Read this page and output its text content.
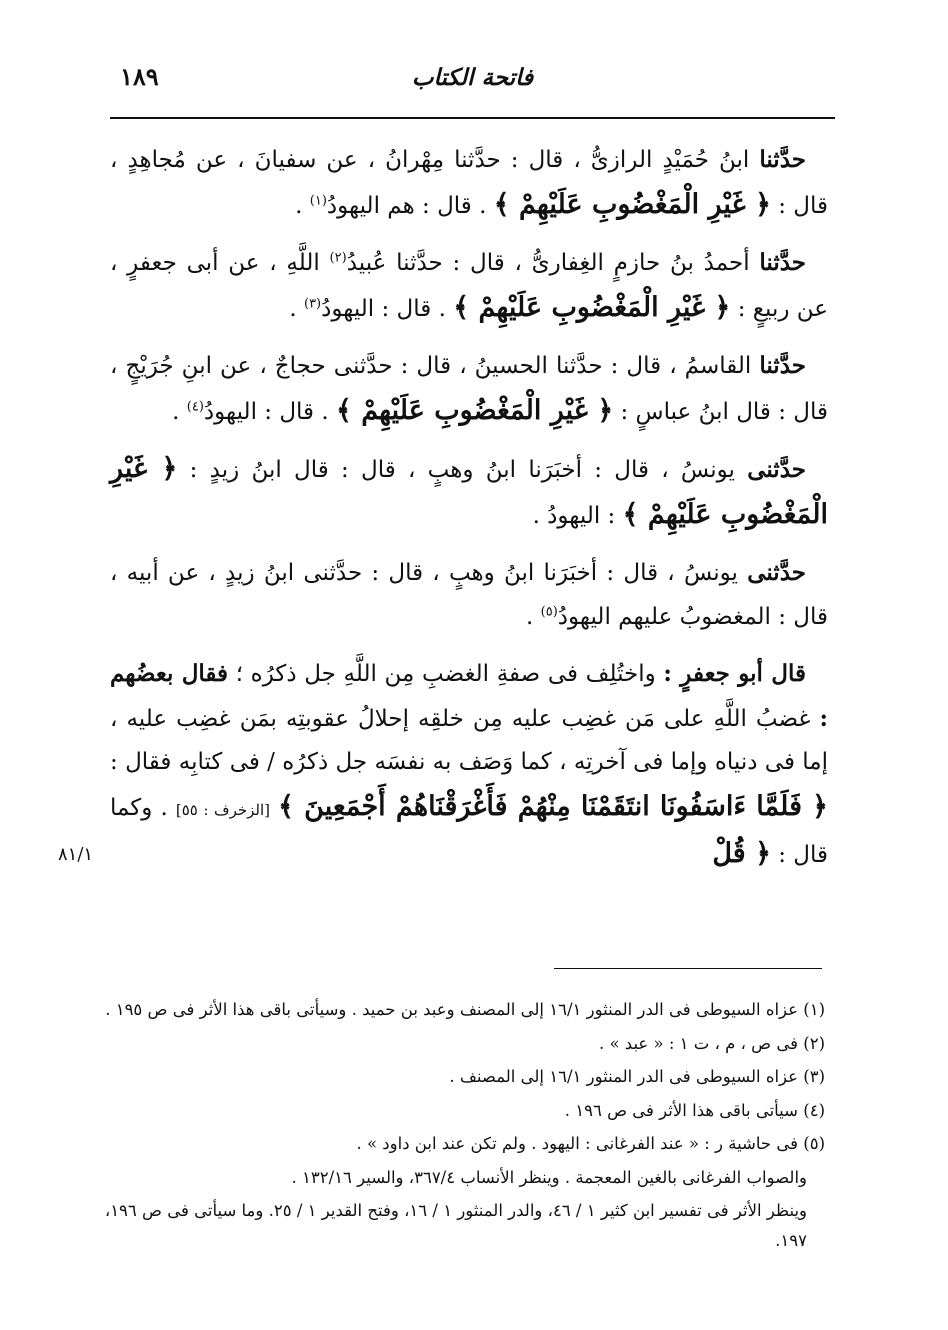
فاتحة الكتاب
١٨٩
٨١/١

حدَّثنا ابنُ حُمَيْدٍ الرازىُّ ، قال : حدَّثنا مِهْرانُ ، عن سفيانَ ، عن مُجاهِدٍ ، قال : ﴿ غَيْرِ الْمَغْضُوبِ عَلَيْهِمْ ﴾ . قال : هم اليهودُ$^{(١)}$ .

حدَّثنا أحمدُ بنُ حازمٍ الغِفارىُّ ، قال : حدَّثنا عُبيدُ$^{(٢)}$ اللَّهِ ، عن أبى جعفرٍ ، عن ربيعٍ : ﴿ غَيْرِ الْمَغْضُوبِ عَلَيْهِمْ ﴾ . قال : اليهودُ$^{(٣)}$ .

حدَّثنا القاسمُ ، قال : حدَّثنا الحسينُ ، قال : حدَّثنى حجاجٌ ، عن ابنِ جُرَيْجٍ ، قال : قال ابنُ عباسٍ : ﴿ غَيْرِ الْمَغْضُوبِ عَلَيْهِمْ ﴾ . قال : اليهودُ$^{(٤)}$ .

حدَّثنى يونسُ ، قال : أخبَرَنا ابنُ وهبٍ ، قال : قال ابنُ زيدٍ : ﴿ غَيْرِ الْمَغْضُوبِ عَلَيْهِمْ ﴾ : اليهودُ .

حدَّثنى يونسُ ، قال : أخبَرَنا ابنُ وهبٍ ، قال : حدَّثنى ابنُ زيدٍ ، عن أبيه ، قال : المغضوبُ عليهم اليهودُ$^{(٥)}$ .

قال أبو جعفرٍ : واختُلِف فى صفةِ الغضبِ مِن اللَّهِ جل ذكرُه ؛ فقال بعضُهم : غضبُ اللَّهِ على مَن غضِب عليه مِن خلقِه إحلالُ عقوبتِه بمَن غضِب عليه ، إما فى دنياه وإما فى آخرتِه ، كما وَصَف به نفسَه جل ذكرُه / فى كتابِه فقال : ﴿ فَلَمَّا ءَاسَفُونَا انتَقَمْنَا مِنْهُمْ فَأَغْرَقْنَاهُمْ أَجْمَعِينَ ﴾ [الزخرف : ٥٥] . وكما قال : ﴿ قُلْ

(١) عزاه السيوطى فى الدر المنثور ١٦/١ إلى المصنف وعبد بن حميد . وسيأتى باقى هذا الأثر فى ص ١٩٥ .

(٢) فى ص ، م ، ت ١ : « عبد » .

(٣) عزاه السيوطى فى الدر المنثور ١٦/١ إلى المصنف .

(٤) سيأتى باقى هذا الأثر فى ص ١٩٦ .

(٥) فى حاشية ر : « عند الفرغانى : اليهود . ولم تكن عند ابن داود » .

والصواب الفرغانى بالغين المعجمة . وينظر الأنساب ٣٦٧/٤، والسير ١٣٢/١٦ .

وينظر الأثر فى تفسير ابن كثير ١ / ٤٦، والدر المنثور ١ / ١٦، وفتح القدير ١ / ٢٥. وما سيأتى فى ص ١٩٦، ١٩٧.
